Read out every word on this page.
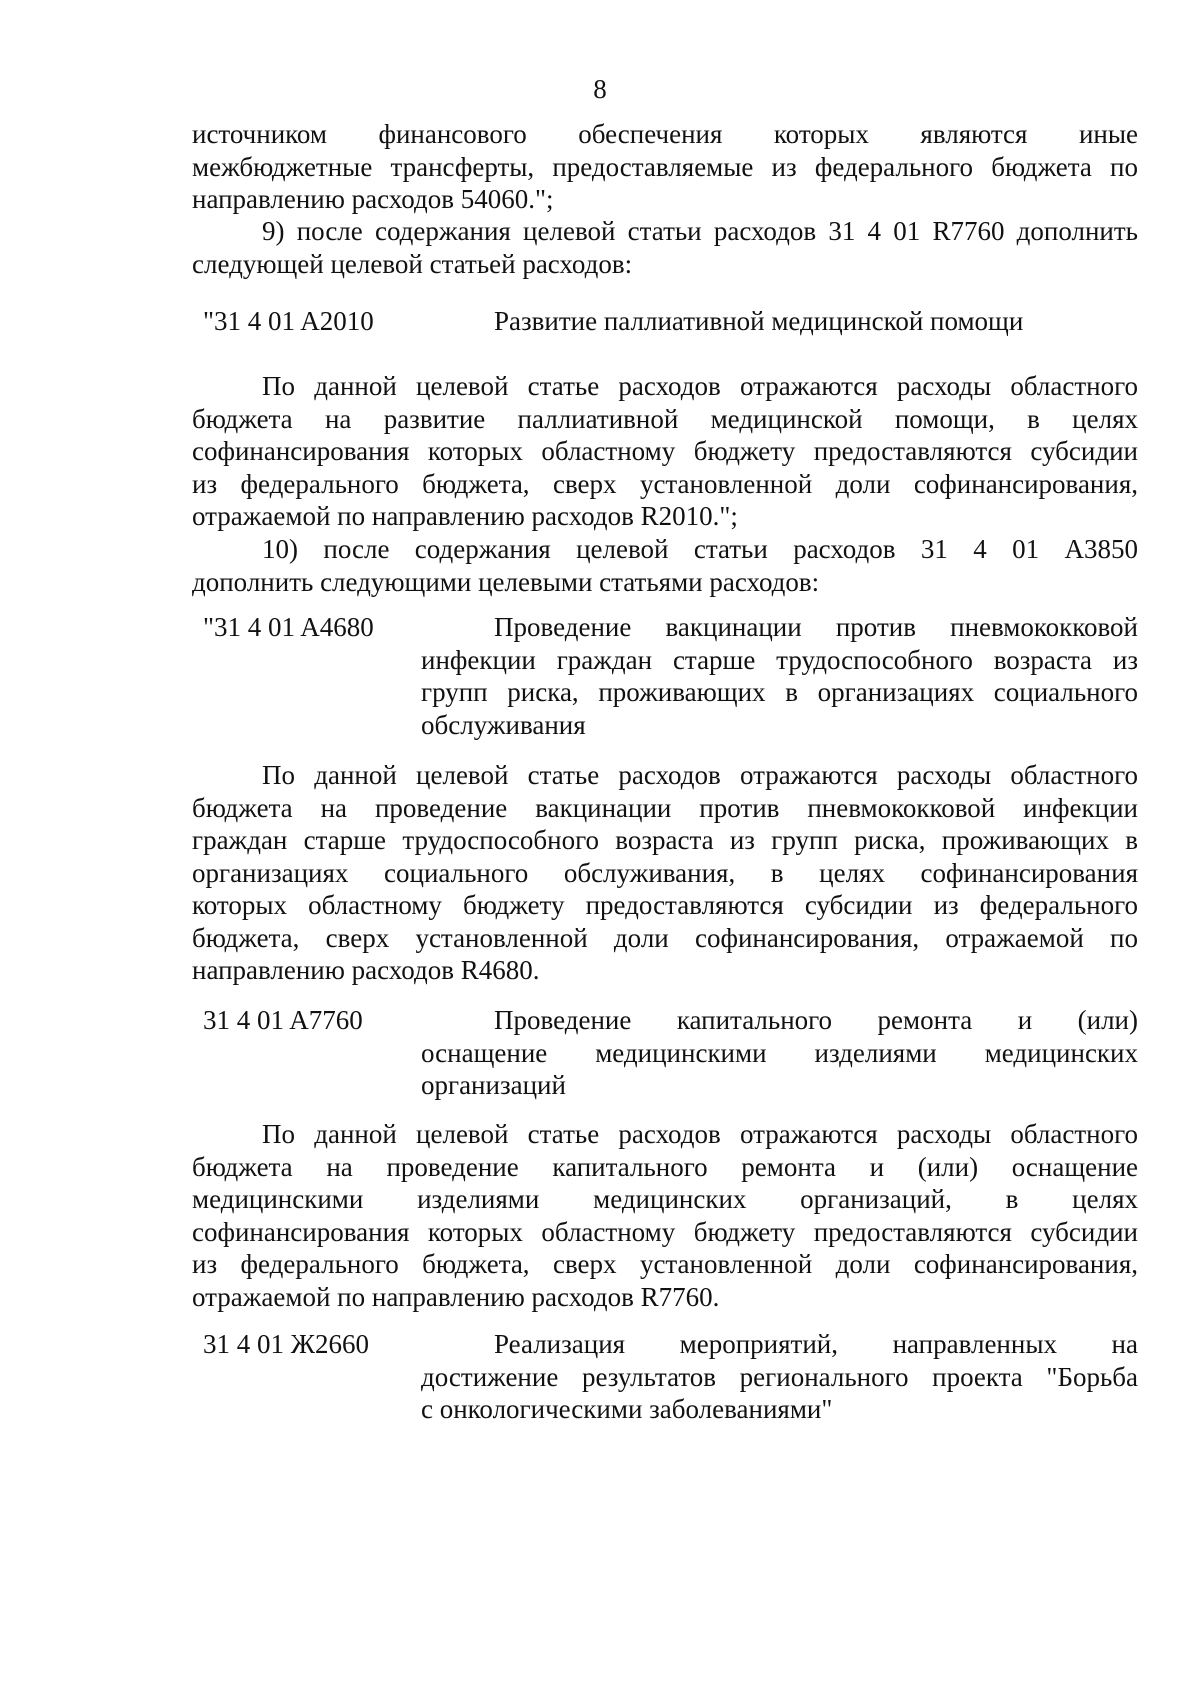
8
источником финансового обеспечения которых являются иные
межбюджетные трансферты, предоставляемые из федерального бюджета по
направлению расходов 54060.";
9) после содержания целевой статьи расходов 31 4 01 R7760 дополнить
следующей целевой статьей расходов:
"31 4 01 A2010	Развитие паллиативной медицинской помощи
По данной целевой статье расходов отражаются расходы областного
бюджета на развитие паллиативной медицинской помощи, в целях
софинансирования которых областному бюджету предоставляются субсидии
из федерального бюджета, сверх установленной доли софинансирования,
отражаемой по направлению расходов R2010.";
10) после содержания целевой статьи расходов 31 4 01 A3850
дополнить следующими целевыми статьями расходов:
"31 4 01 A4680	Проведение вакцинации против пневмококковой
инфекции граждан старше трудоспособного возраста из
групп риска, проживающих в организациях социального
обслуживания
По данной целевой статье расходов отражаются расходы областного
бюджета на проведение вакцинации против пневмококковой инфекции
граждан старше трудоспособного возраста из групп риска, проживающих в
организациях социального обслуживания, в целях софинансирования
которых областному бюджету предоставляются субсидии из федерального
бюджета, сверх установленной доли софинансирования, отражаемой по
направлению расходов R4680.
31 4 01 A7760	Проведение капитального ремонта и (или)
оснащение медицинскими изделиями медицинских
организаций
По данной целевой статье расходов отражаются расходы областного
бюджета на проведение капитального ремонта и (или) оснащение
медицинскими изделиями медицинских организаций, в целях
софинансирования которых областному бюджету предоставляются субсидии
из федерального бюджета, сверх установленной доли софинансирования,
отражаемой по направлению расходов R7760.
31 4 01 Ж2660	Реализация мероприятий, направленных на
достижение результатов регионального проекта "Борьба
с онкологическими заболеваниями"
